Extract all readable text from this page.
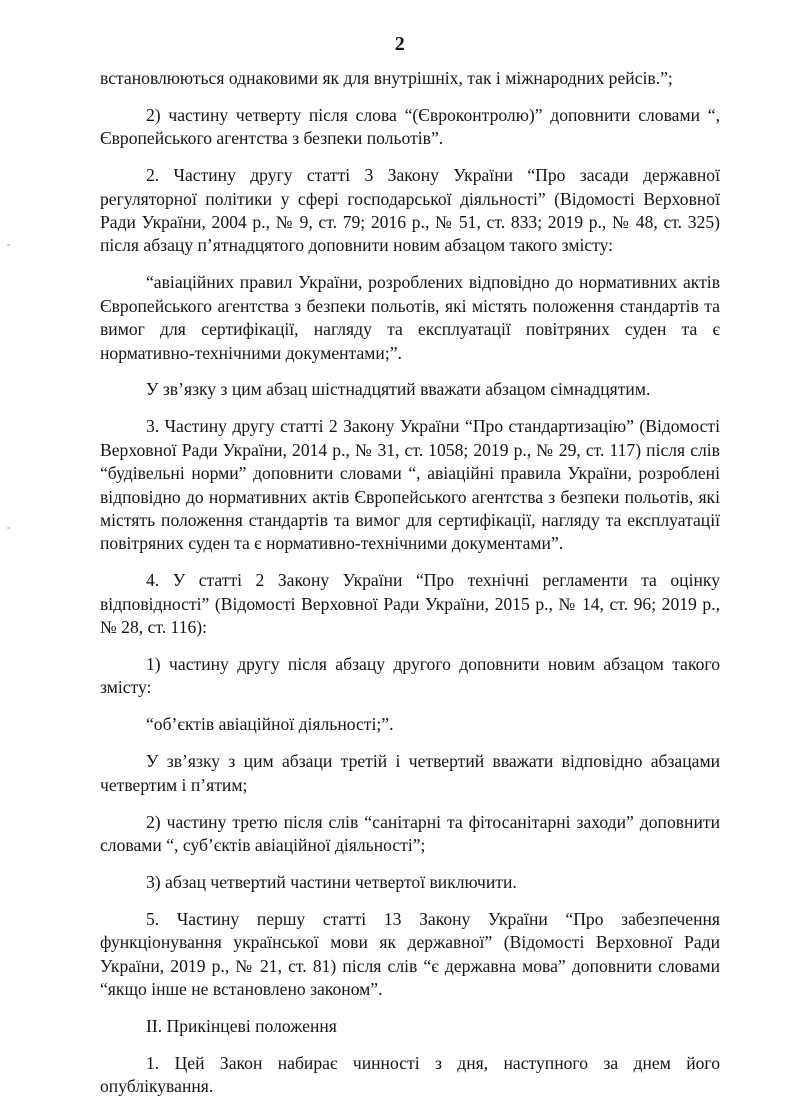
2

встановлюються однаковими як для внутрішніх, так і міжнародних рейсів.”;

2) частину четверту після слова “(Євроконтролю)” доповнити словами “, Європейського агентства з безпеки польотів”.

2. Частину другу статті 3 Закону України “Про засади державної регуляторної політики у сфері господарської діяльності” (Відомості Верховної Ради України, 2004 р., № 9, ст. 79; 2016 р., № 51, ст. 833; 2019 р., № 48, ст. 325) після абзацу п’ятнадцятого доповнити новим абзацом такого змісту:

“авіаційних правил України, розроблених відповідно до нормативних актів Європейського агентства з безпеки польотів, які містять положення стандартів та вимог для сертифікації, нагляду та експлуатації повітряних суден та є нормативно-технічними документами;”.

У зв’язку з цим абзац шістнадцятий вважати абзацом сімнадцятим.

3. Частину другу статті 2 Закону України “Про стандартизацію” (Відомості Верховної Ради України, 2014 р., № 31, ст. 1058; 2019 р., № 29, ст. 117) після слів “будівельні норми” доповнити словами “, авіаційні правила України, розроблені відповідно до нормативних актів Європейського агентства з безпеки польотів, які містять положення стандартів та вимог для сертифікації, нагляду та експлуатації повітряних суден та є нормативно-технічними документами”.

4. У статті 2 Закону України “Про технічні регламенти та оцінку відповідності” (Відомості Верховної Ради України, 2015 р., № 14, ст. 96; 2019 р., № 28, ст. 116):

1) частину другу після абзацу другого доповнити новим абзацом такого змісту:

“об’єктів авіаційної діяльності;”.

У зв’язку з цим абзаци третій і четвертий вважати відповідно абзацами четвертим і п’ятим;

2) частину третю після слів “санітарні та фітосанітарні заходи” доповнити словами “, суб’єктів авіаційної діяльності”;

3) абзац четвертий частини четвертої виключити.

5. Частину першу статті 13 Закону України “Про забезпечення функціонування української мови як державної” (Відомості Верховної Ради України, 2019 р., № 21, ст. 81) після слів “є державна мова” доповнити словами “якщо інше не встановлено законом”.

ІІ. Прикінцеві положення

1. Цей Закон набирає чинності з дня, наступного за днем його опублікування.
